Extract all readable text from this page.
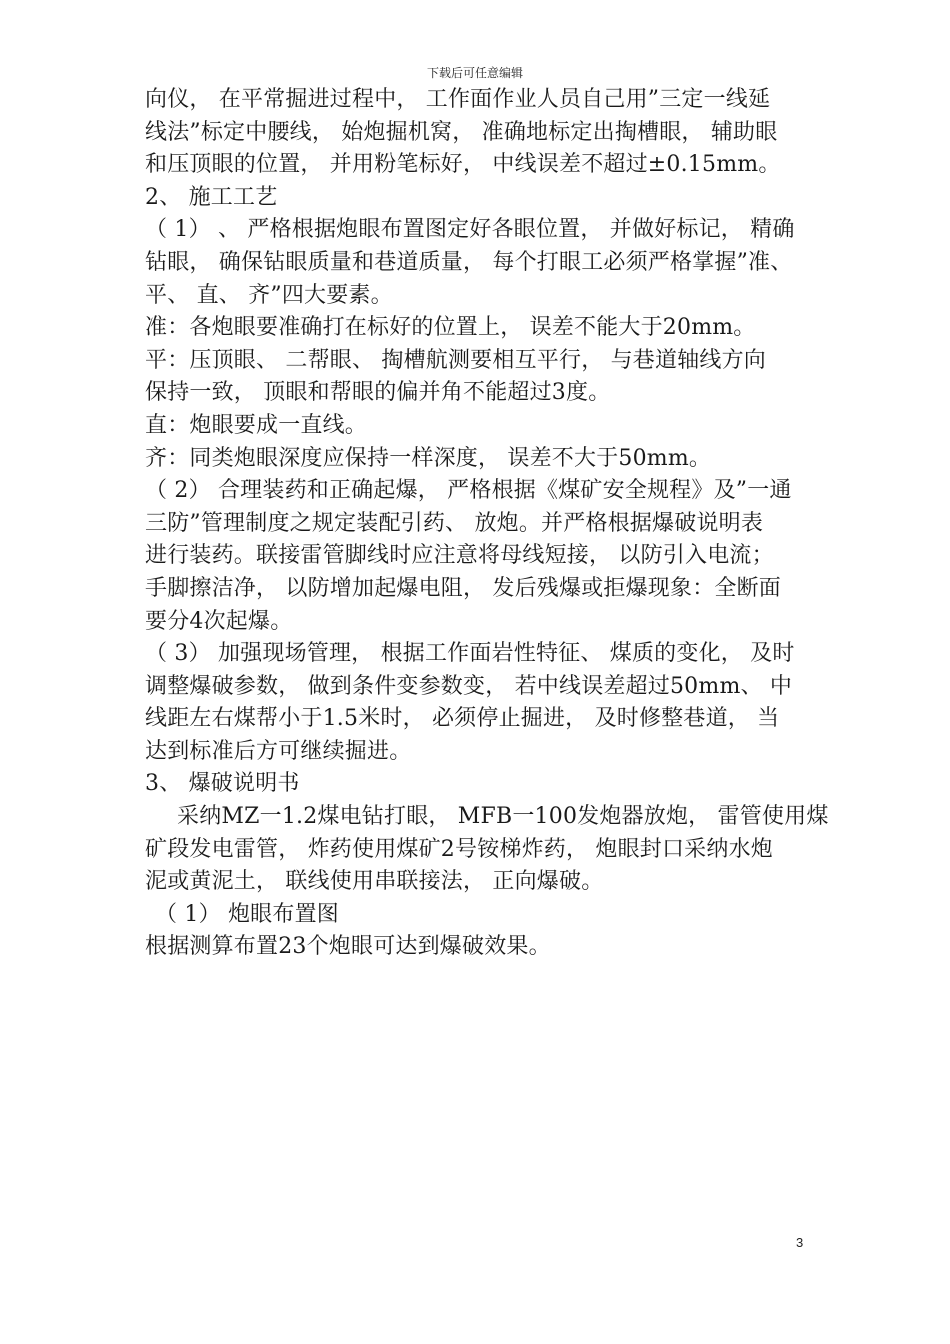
下载后可任意编辑
向仪， 在平常掘进过程中， 工作面作业人员自己用”三定一线延
线法”标定中腰线， 始炮掘机窝， 准确地标定出掏槽眼， 辅助眼
和压顶眼的位置， 并用粉笔标好， 中线误差不超过±0.15mm。
2、 施工工艺
（ 1） 、 严格根据炮眼布置图定好各眼位置， 并做好标记， 精确
钻眼， 确保钻眼质量和巷道质量， 每个打眼工必须严格掌握”准、
平、 直、 齐”四大要素。
准：各炮眼要准确打在标好的位置上， 误差不能大于20mm。
平：压顶眼、 二帮眼、 掏槽航测要相互平行， 与巷道轴线方向
保持一致， 顶眼和帮眼的偏并角不能超过3度。
直：炮眼要成一直线。
齐：同类炮眼深度应保持一样深度， 误差不大于50mm。
（ 2） 合理装药和正确起爆， 严格根据《煤矿安全规程》及”一通
三防”管理制度之规定装配引药、 放炮。并严格根据爆破说明表
进行装药。联接雷管脚线时应注意将母线短接， 以防引入电流；
手脚擦洁净， 以防增加起爆电阻， 发后残爆或拒爆现象：全断面
要分4次起爆。
（ 3） 加强现场管理， 根据工作面岩性特征、 煤质的变化， 及时
调整爆破参数， 做到条件变参数变， 若中线误差超过50mm、 中
线距左右煤帮小于1.5米时， 必须停止掘进， 及时修整巷道， 当
达到标准后方可继续掘进。
3、 爆破说明书
采纳MZ一1.2煤电钻打眼， MFB一100发炮器放炮， 雷管使用煤
矿段发电雷管， 炸药使用煤矿2号铵梯炸药， 炮眼封口采纳水炮
泥或黄泥土， 联线使用串联接法， 正向爆破。
（ 1） 炮眼布置图
根据测算布置23个炮眼可达到爆破效果。
3
